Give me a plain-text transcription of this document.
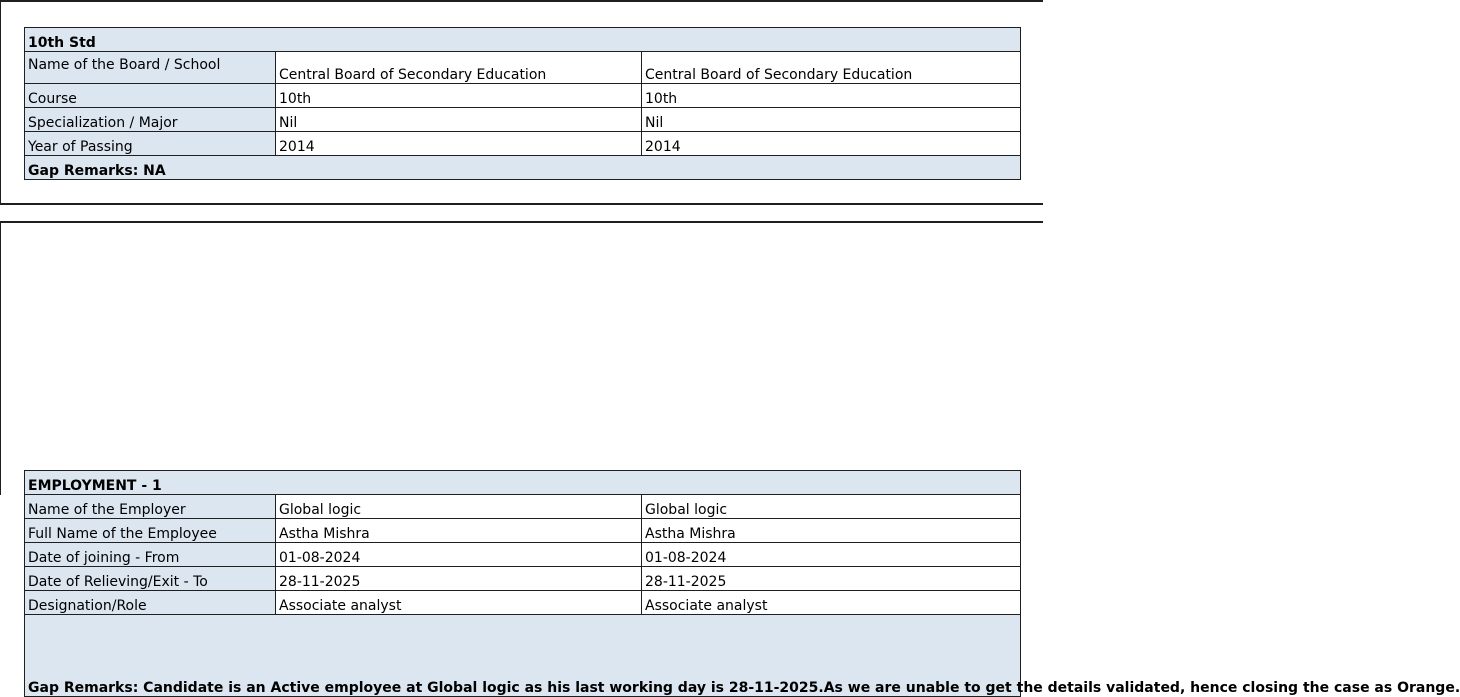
10th Std		
Name of the Board / School	Central Board of Secondary Education	Central Board of Secondary Education
Course	10th	10th
Specialization / Major	Nil	Nil
Year of Passing	2014	2014
Gap Remarks: NA		
EMPLOYMENT - 1		
Name of the Employer	Global logic	Global logic
Full Name of the Employee	Astha Mishra	Astha Mishra
Date of joining - From	01-08-2024	01-08-2024
Date of Relieving/Exit - To	28-11-2025	28-11-2025
Designation/Role	Associate analyst	Associate analyst
Gap Remarks: Candidate is an Active employee at Global logic as his last working day is 28-11-2025.As we are unable to get the details validated, hence closing the case as Orange.		
